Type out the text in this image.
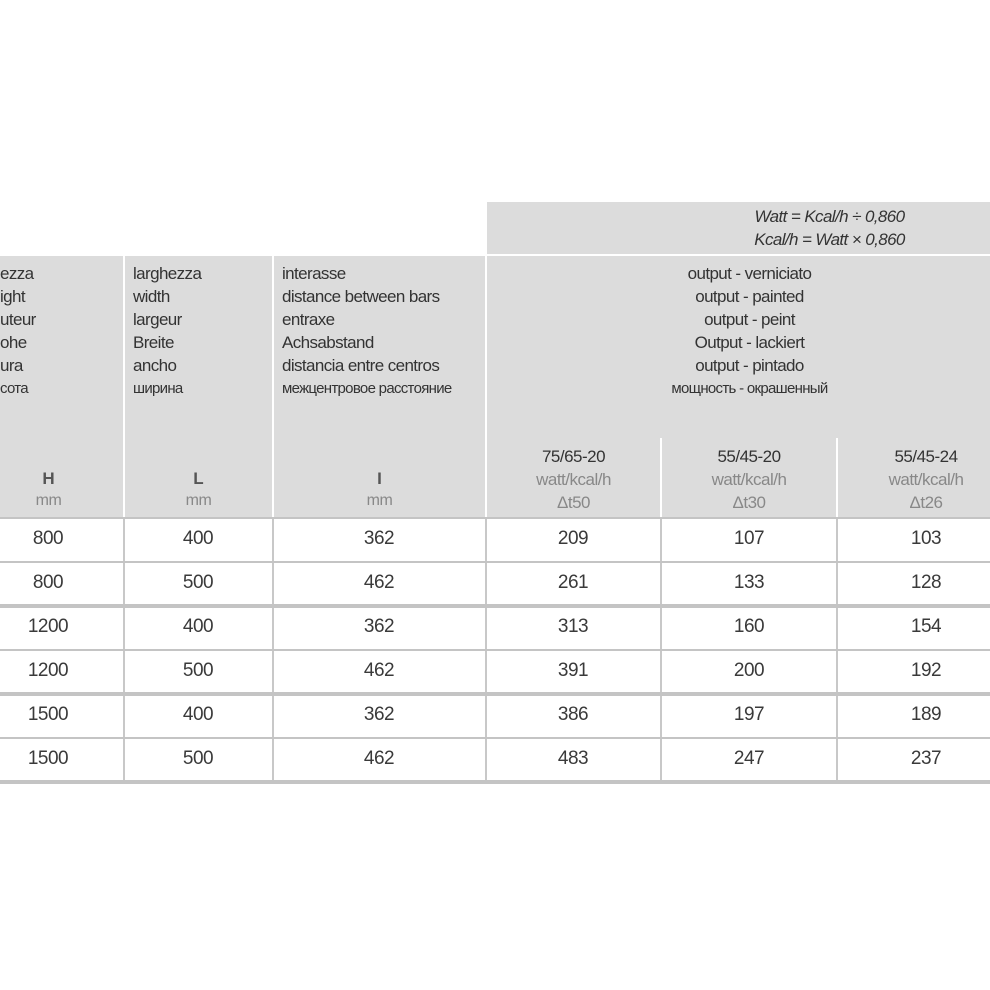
Watt = Kcal/h ÷ 0,860
Kcal/h = Watt × 0,860
ezza
ight
uteur
ohe
ura
сота
H
mm
larghezza
width
largeur
Breite
ancho
ширина
L
mm
interasse
distance between bars
entraxe
Achsabstand
distancia entre centros
межцентровое расстояние
I
mm
output - verniciato
output - painted
output - peint
Output - lackiert
output - pintado
мощность - окрашенный
75/65-20
watt/kcal/h
Δt50
55/45-20
watt/kcal/h
Δt30
55/45-24
watt/kcal/h
Δt26
800	400	362	209	107	103
800	500	462	261	133	128
1200	400	362	313	160	154
1200	500	462	391	200	192
1500	400	362	386	197	189
1500	500	462	483	247	237
